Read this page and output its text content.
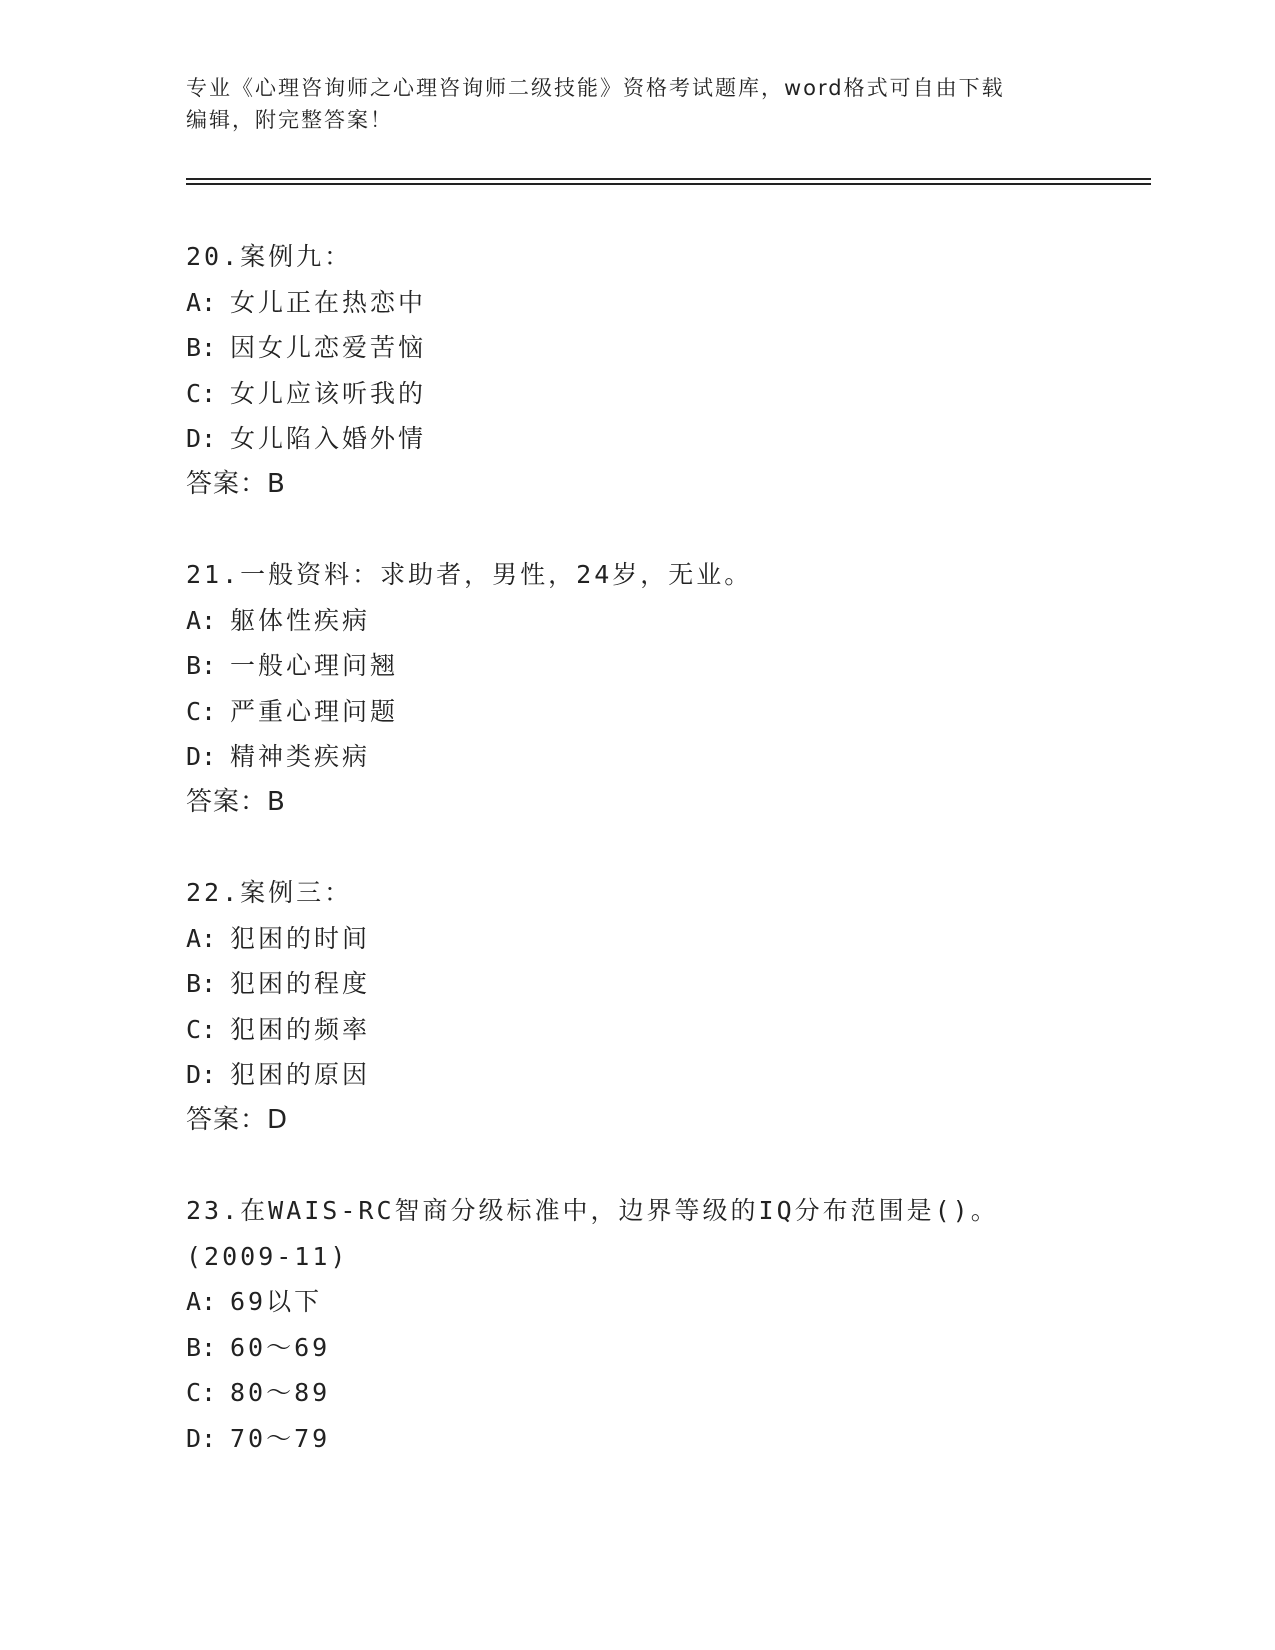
专业《心理咨询师之心理咨询师二级技能》资格考试题库，word格式可自由下载
编辑，附完整答案！
20.案例九：
A: 女儿正在热恋中
B: 因女儿恋爱苦恼
C: 女儿应该听我的
D: 女儿陷入婚外情
答案：B
21.一般资料：求助者，男性，24岁，无业。
A: 躯体性疾病
B: 一般心理问翘
C: 严重心理问题
D: 精神类疾病
答案：B
22.案例三：
A: 犯困的时间
B: 犯困的程度
C: 犯困的频率
D: 犯困的原因
答案：D
23.在WAIS-RC智商分级标准中，边界等级的IQ分布范围是()。
(2009-11)
A: 69以下
B: 60～69
C: 80～89
D: 70～79
